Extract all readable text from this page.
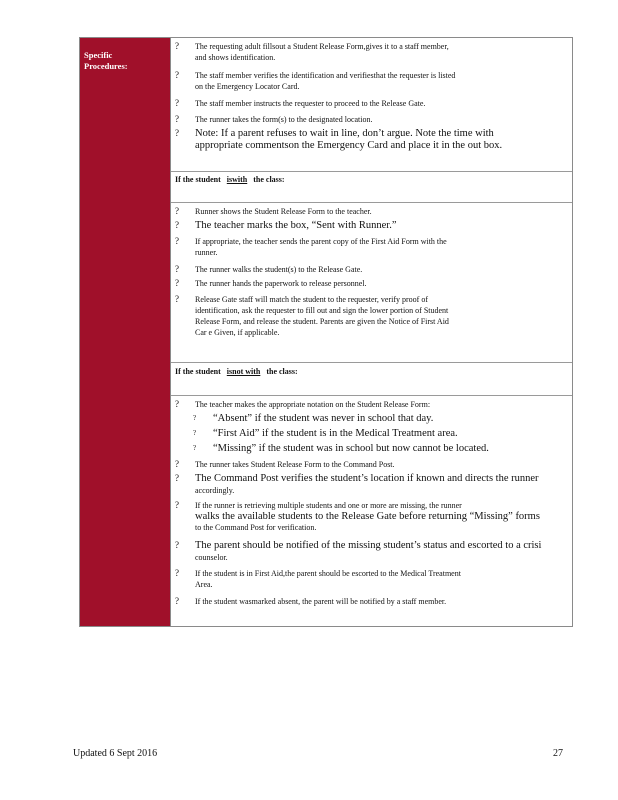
Specific
Procedures:
?	The requesting adult fillsout a Student Release Form,gives it to a staff member,
and shows identification.
?	The staff member verifies the identification and verifiesthat the requester is listed
on the Emergency Locator Card.
?	The staff member instructs the requester to proceed to the Release Gate.
?	The runner takes the form(s) to the designated location.
?	Note: If a parent refuses to wait in line, don’t argue. Note the time with
appropriate commentson the Emergency Card and place it in the out box.
If the student iswith the class:
?	Runner shows the Student Release Form to the teacher.
?	The teacher marks the box, “Sent with Runner.”
?	If appropriate, the teacher sends the parent copy of the First Aid Form with the
runner.
?	The runner walks the student(s) to the Release Gate.
?	The runner hands the paperwork to release personnel.
?	Release Gate staff will match the student to the requester, verify proof of
identification, ask the requester to fill out and sign the lower portion of Student
Release Form, and release the student. Parents are given the Notice of First Aid
Car e Given, if applicable.
If the student isnot with the class:
?	The teacher makes the appropriate notation on the Student Release Form:
?	“Absent” if the student was never in school that day.
?	“First Aid” if the student is in the Medical Treatment area.
?	“Missing” if the student was in school but now cannot be located.
?	The runner takes Student Release Form to the Command Post.
?	The Command Post verifies the student’s location if known and directs the runner
accordingly.
?	If the runner is retrieving multiple students and one or more are missing, the runner
walks the available students to the Release Gate before returning “Missing” forms
to the Command Post for verification.
?	The parent should be notified of the missing student’s status and escorted to a crisi
counselor.
?	If the student is in First Aid,the parent should be escorted to the Medical Treatment
Area.
?	If the student wasmarked absent, the parent will be notified by a staff member.
Updated 6 Sept 2016	27
